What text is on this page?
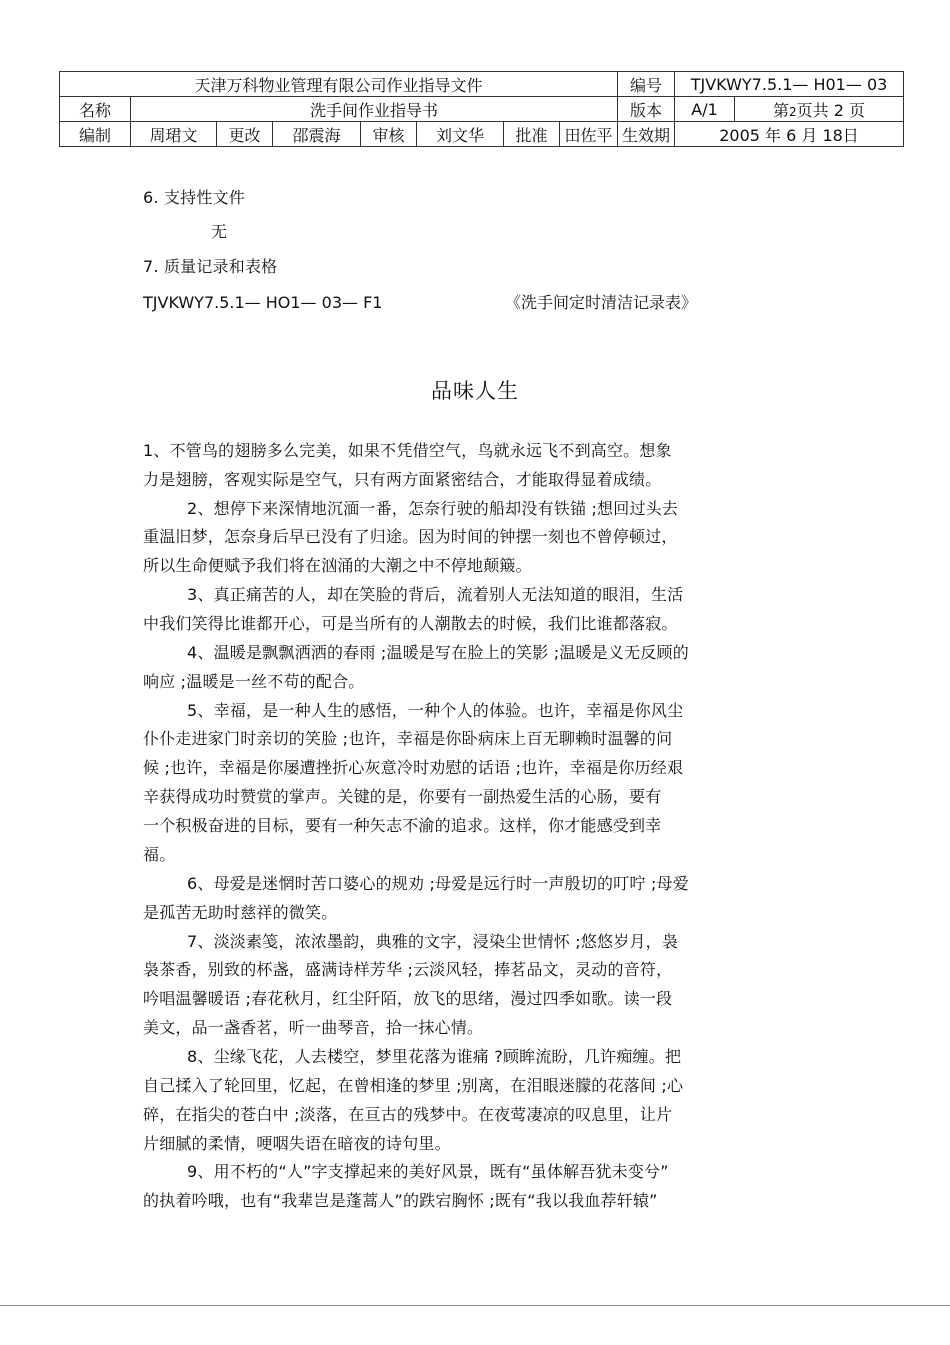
天津万科物业管理有限公司作业指导文件								编号	TJVKWY7.5.1— H01— 03	
名称	洗手间作业指导书							版本	A/1	第2页共 2 页
编制	周珺文	更改	邵震海	审核	刘文华	批准	田佐平	生效期	2005 年 6 月 18日	
6. 支持性文件
无
7. 质量记录和表格
TJVKWY7.5.1— HO1— 03— F1	《洗手间定时清洁记录表》
品味人生
1、不管鸟的翅膀多么完美，如果不凭借空气，鸟就永远飞不到高空。想象
力是翅膀，客观实际是空气，只有两方面紧密结合，才能取得显着成绩。
2、想停下来深情地沉湎一番，怎奈行驶的船却没有铁锚 ;想回过头去
重温旧梦，怎奈身后早已没有了归途。因为时间的钟摆一刻也不曾停顿过，
所以生命便赋予我们将在汹涌的大潮之中不停地颠簸。
3、真正痛苦的人，却在笑脸的背后，流着别人无法知道的眼泪，生活
中我们笑得比谁都开心，可是当所有的人潮散去的时候，我们比谁都落寂。
4、温暖是飘飘洒洒的春雨 ;温暖是写在脸上的笑影 ;温暖是义无反顾的
响应 ;温暖是一丝不苟的配合。
5、幸福，是一种人生的感悟，一种个人的体验。也许，幸福是你风尘
仆仆走进家门时亲切的笑脸 ;也许，幸福是你卧病床上百无聊赖时温馨的问
候 ;也许，幸福是你屡遭挫折心灰意冷时劝慰的话语 ;也许，幸福是你历经艰
辛获得成功时赞赏的掌声。关键的是，你要有一副热爱生活的心肠，要有
一个积极奋进的目标，要有一种矢志不渝的追求。这样，你才能感受到幸
福。
6、母爱是迷惘时苦口婆心的规劝 ;母爱是远行时一声殷切的叮咛 ;母爱
是孤苦无助时慈祥的微笑。
7、淡淡素笺，浓浓墨韵，典雅的文字，浸染尘世情怀 ;悠悠岁月，袅
袅茶香，别致的杯盏，盛满诗样芳华 ;云淡风轻，捧茗品文，灵动的音符，
吟唱温馨暖语 ;春花秋月，红尘阡陌，放飞的思绪，漫过四季如歌。读一段
美文，品一盏香茗，听一曲琴音，拾一抹心情。
8、尘缘飞花，人去楼空，梦里花落为谁痛 ?顾眸流盼，几许痴缠。把
自己揉入了轮回里，忆起，在曾相逢的梦里 ;别离，在泪眼迷朦的花落间 ;心
碎，在指尖的苍白中 ;淡落，在亘古的残梦中。在夜莺凄凉的叹息里，让片
片细腻的柔情，哽咽失语在暗夜的诗句里。
9、用不朽的“人”字支撑起来的美好风景，既有“虽体解吾犹未变兮”
的执着吟哦，也有“我辈岂是蓬蒿人”的跌宕胸怀 ;既有“我以我血荐轩辕”
